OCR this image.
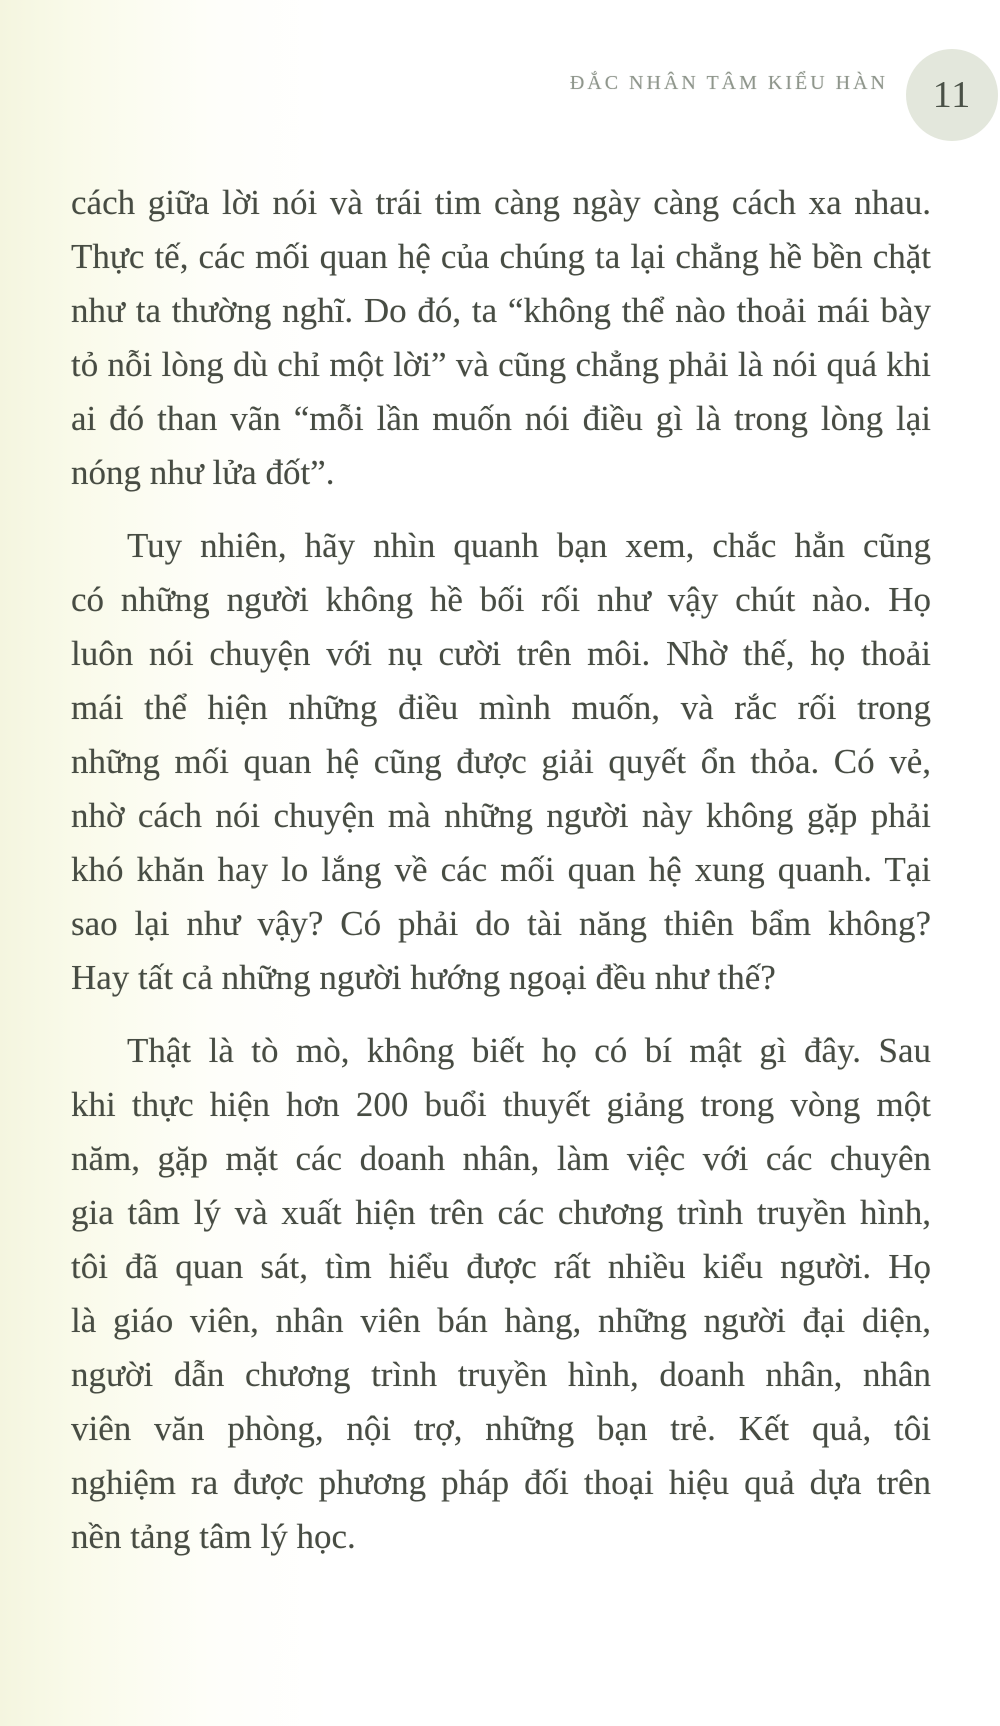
ĐẮC NHÂN TÂM KIỂU HÀN 11
cách giữa lời nói và trái tim càng ngày càng cách xa nhau.
Thực tế, các mối quan hệ của chúng ta lại chẳng hề bền chặt
như ta thường nghĩ. Do đó, ta “không thể nào thoải mái bày
tỏ nỗi lòng dù chỉ một lời” và cũng chẳng phải là nói quá khi
ai đó than vãn “mỗi lần muốn nói điều gì là trong lòng lại
nóng như lửa đốt”.
Tuy nhiên, hãy nhìn quanh bạn xem, chắc hẳn cũng
có những người không hề bối rối như vậy chút nào. Họ
luôn nói chuyện với nụ cười trên môi. Nhờ thế, họ thoải
mái thể hiện những điều mình muốn, và rắc rối trong
những mối quan hệ cũng được giải quyết ổn thỏa. Có vẻ,
nhờ cách nói chuyện mà những người này không gặp phải
khó khăn hay lo lắng về các mối quan hệ xung quanh. Tại
sao lại như vậy? Có phải do tài năng thiên bẩm không?
Hay tất cả những người hướng ngoại đều như thế?
Thật là tò mò, không biết họ có bí mật gì đây. Sau
khi thực hiện hơn 200 buổi thuyết giảng trong vòng một
năm, gặp mặt các doanh nhân, làm việc với các chuyên
gia tâm lý và xuất hiện trên các chương trình truyền hình,
tôi đã quan sát, tìm hiểu được rất nhiều kiểu người. Họ
là giáo viên, nhân viên bán hàng, những người đại diện,
người dẫn chương trình truyền hình, doanh nhân, nhân
viên văn phòng, nội trợ, những bạn trẻ. Kết quả, tôi
nghiệm ra được phương pháp đối thoại hiệu quả dựa trên
nền tảng tâm lý học.
